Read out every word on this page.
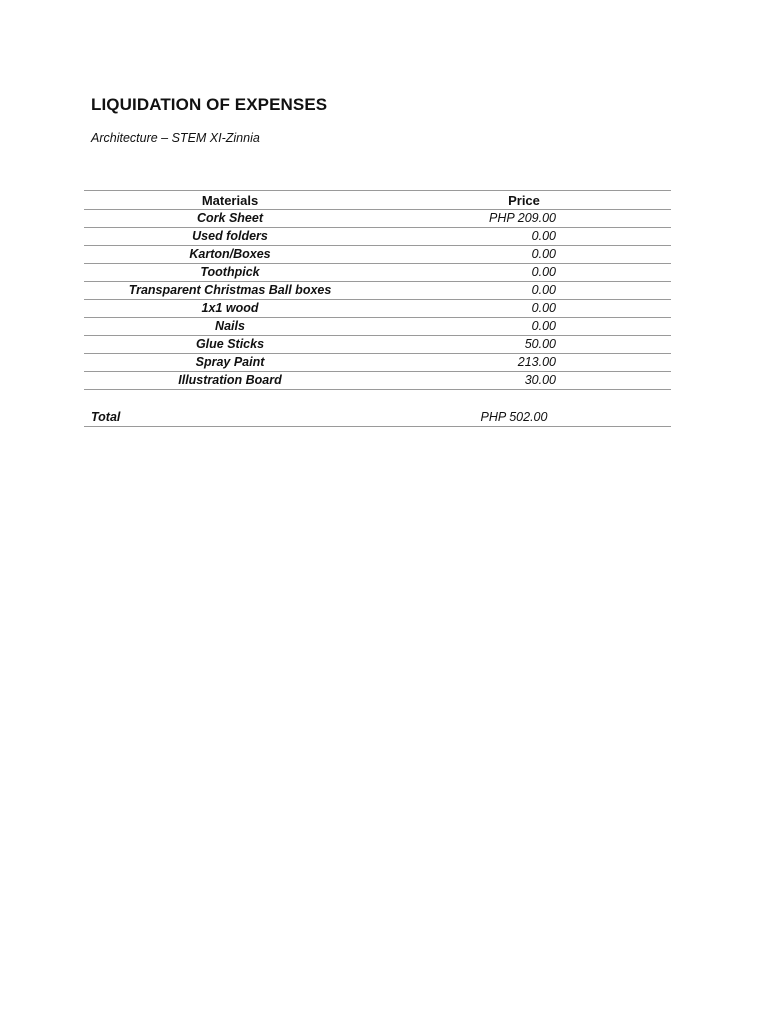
LIQUIDATION OF EXPENSES
Architecture – STEM XI-Zinnia
Materials	Price
Cork Sheet	PHP 209.00
Used folders	0.00
Karton/Boxes	0.00
Toothpick	0.00
Transparent Christmas Ball boxes	0.00
1x1 wood	0.00
Nails	0.00
Glue Sticks	50.00
Spray Paint	213.00
Illustration Board	30.00
Total	PHP 502.00
